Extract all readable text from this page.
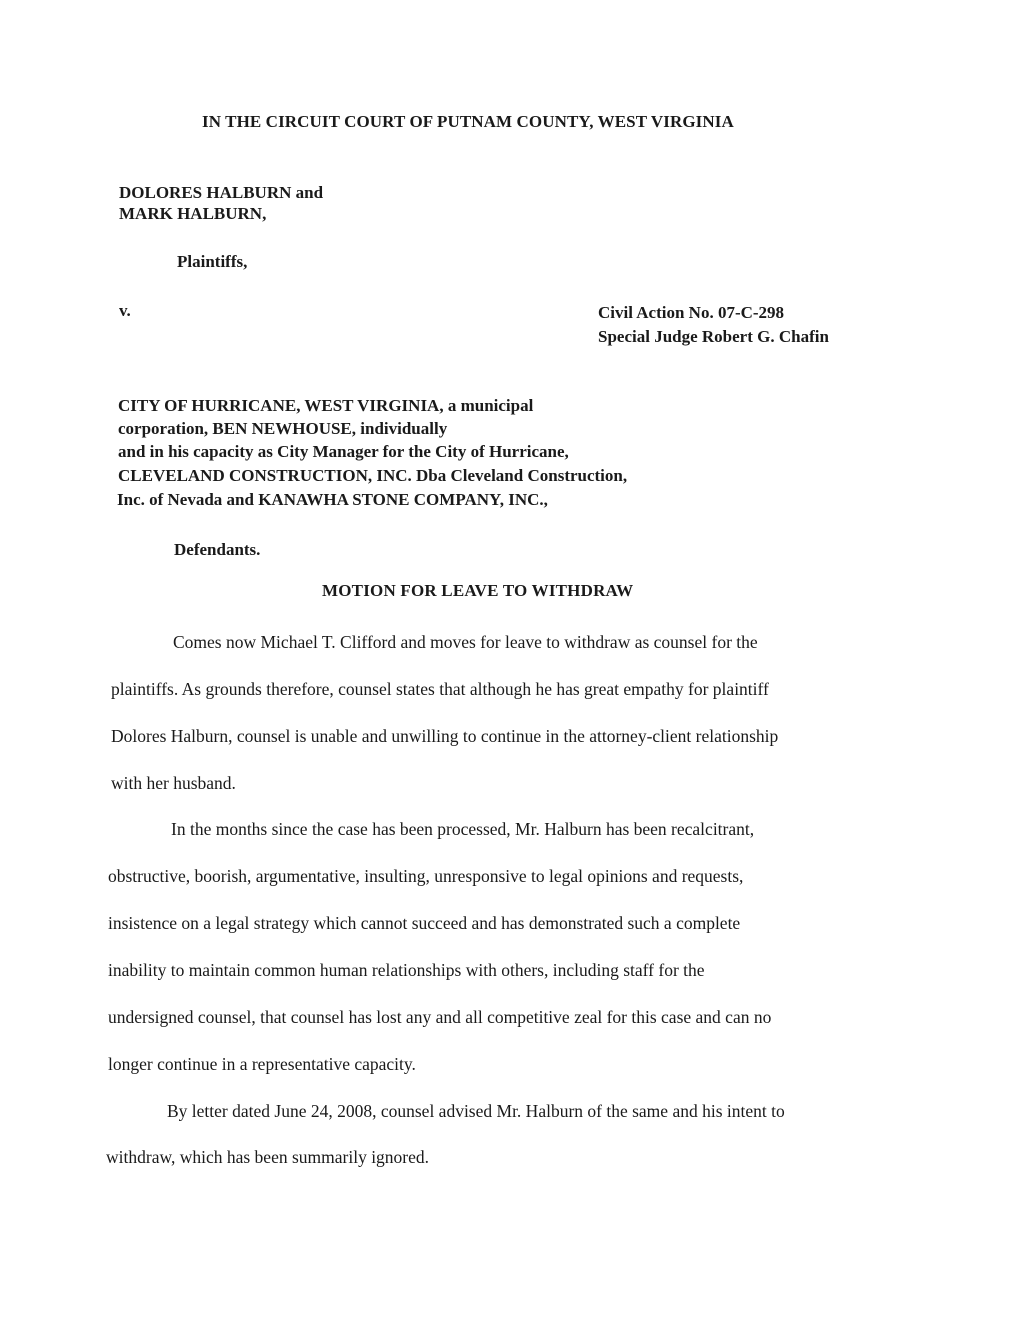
IN THE CIRCUIT COURT OF PUTNAM COUNTY, WEST VIRGINIA
DOLORES HALBURN and
MARK HALBURN,
Plaintiffs,
v.	Civil Action No. 07-C-298
Special Judge Robert G. Chafin
CITY OF HURRICANE, WEST VIRGINIA, a municipal
corporation, BEN NEWHOUSE, individually
and in his capacity as City Manager for the City of Hurricane,
CLEVELAND CONSTRUCTION, INC. Dba Cleveland Construction,
Inc. of Nevada and KANAWHA STONE COMPANY, INC.,
Defendants.
MOTION FOR LEAVE TO WITHDRAW
Comes now Michael T. Clifford and moves for leave to withdraw as counsel for the
plaintiffs. As grounds therefore, counsel states that although he has great empathy for plaintiff
Dolores Halburn, counsel is unable and unwilling to continue in the attorney-client relationship
with her husband.
In the months since the case has been processed, Mr. Halburn has been recalcitrant,
obstructive, boorish, argumentative, insulting, unresponsive to legal opinions and requests,
insistence on a legal strategy which cannot succeed and has demonstrated such a complete
inability to maintain common human relationships with others, including staff for the
undersigned counsel, that counsel has lost any and all competitive zeal for this case and can no
longer continue in a representative capacity.
By letter dated June 24, 2008, counsel advised Mr. Halburn of the same and his intent to
withdraw, which has been summarily ignored.
